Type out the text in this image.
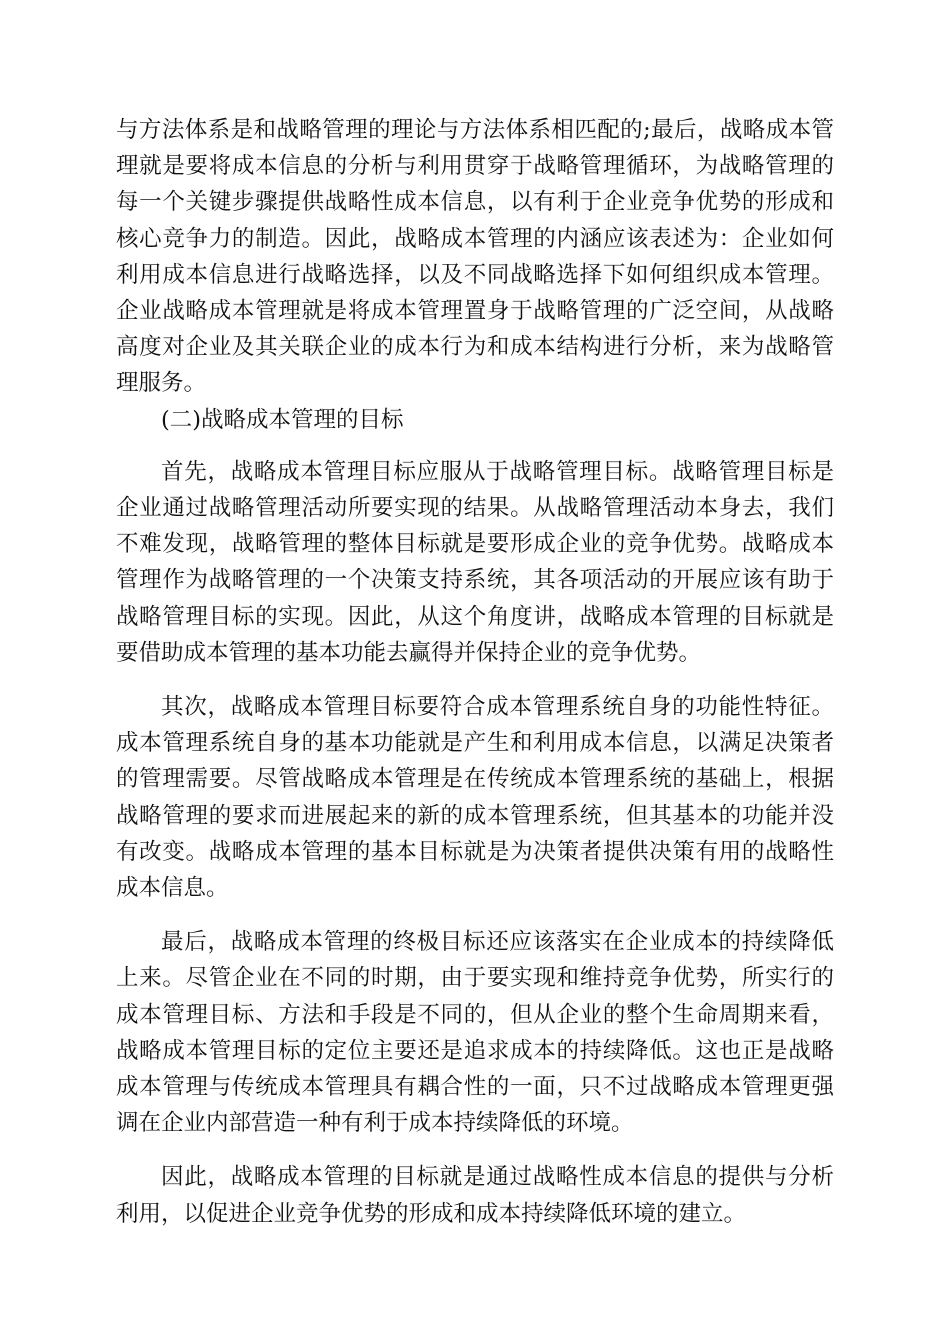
与方法体系是和战略管理的理论与方法体系相匹配的;最后，战略成本管理就是要将成本信息的分析与利用贯穿于战略管理循环，为战略管理的每一个关键步骤提供战略性成本信息，以有利于企业竞争优势的形成和核心竞争力的制造。因此，战略成本管理的内涵应该表述为：企业如何利用成本信息进行战略选择，以及不同战略选择下如何组织成本管理。企业战略成本管理就是将成本管理置身于战略管理的广泛空间，从战略高度对企业及其关联企业的成本行为和成本结构进行分析，来为战略管理服务。

(二)战略成本管理的目标

首先，战略成本管理目标应服从于战略管理目标。战略管理目标是企业通过战略管理活动所要实现的结果。从战略管理活动本身去，我们不难发现，战略管理的整体目标就是要形成企业的竞争优势。战略成本管理作为战略管理的一个决策支持系统，其各项活动的开展应该有助于战略管理目标的实现。因此，从这个角度讲，战略成本管理的目标就是要借助成本管理的基本功能去赢得并保持企业的竞争优势。

其次，战略成本管理目标要符合成本管理系统自身的功能性特征。成本管理系统自身的基本功能就是产生和利用成本信息，以满足决策者的管理需要。尽管战略成本管理是在传统成本管理系统的基础上，根据战略管理的要求而进展起来的新的成本管理系统，但其基本的功能并没有改变。战略成本管理的基本目标就是为决策者提供决策有用的战略性成本信息。

最后，战略成本管理的终极目标还应该落实在企业成本的持续降低上来。尽管企业在不同的时期，由于要实现和维持竞争优势，所实行的成本管理目标、方法和手段是不同的，但从企业的整个生命周期来看，战略成本管理目标的定位主要还是追求成本的持续降低。这也正是战略成本管理与传统成本管理具有耦合性的一面，只不过战略成本管理更强调在企业内部营造一种有利于成本持续降低的环境。

因此，战略成本管理的目标就是通过战略性成本信息的提供与分析利用，以促进企业竞争优势的形成和成本持续降低环境的建立。
